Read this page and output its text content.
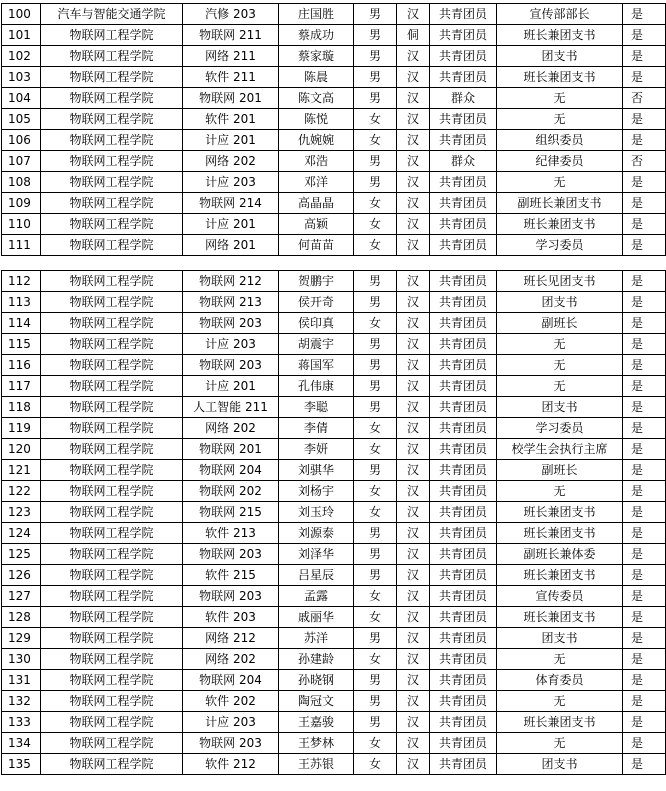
100	汽车与智能交通学院	汽修 203	庄国胜	男	汉	共青团员	宣传部部长	是
101	物联网工程学院	物联网 211	蔡成功	男	侗	共青团员	班长兼团支书	是
102	物联网工程学院	网络 211	蔡家璇	男	汉	共青团员	团支书	是
103	物联网工程学院	软件 211	陈晨	男	汉	共青团员	班长兼团支书	是
104	物联网工程学院	物联网 201	陈文高	男	汉	群众	无	否
105	物联网工程学院	软件 201	陈悦	女	汉	共青团员	无	是
106	物联网工程学院	计应 201	仇婉婉	女	汉	共青团员	组织委员	是
107	物联网工程学院	网络 202	邓浩	男	汉	群众	纪律委员	否
108	物联网工程学院	计应 203	邓洋	男	汉	共青团员	无	是
109	物联网工程学院	物联网 214	高晶晶	女	汉	共青团员	副班长兼团支书	是
110	物联网工程学院	计应 201	高颖	女	汉	共青团员	班长兼团支书	是
111	物联网工程学院	网络 201	何苗苗	女	汉	共青团员	学习委员	是
112	物联网工程学院	物联网 212	贺鹏宇	男	汉	共青团员	班长见团支书	是
113	物联网工程学院	物联网 213	侯开奇	男	汉	共青团员	团支书	是
114	物联网工程学院	物联网 203	侯印真	女	汉	共青团员	副班长	是
115	物联网工程学院	计应 203	胡震宇	男	汉	共青团员	无	是
116	物联网工程学院	物联网 203	蒋国军	男	汉	共青团员	无	是
117	物联网工程学院	计应 201	孔伟康	男	汉	共青团员	无	是
118	物联网工程学院	人工智能 211	李聪	男	汉	共青团员	团支书	是
119	物联网工程学院	网络 202	李倩	女	汉	共青团员	学习委员	是
120	物联网工程学院	物联网 201	李妍	女	汉	共青团员	校学生会执行主席	是
121	物联网工程学院	物联网 204	刘骐华	男	汉	共青团员	副班长	是
122	物联网工程学院	物联网 202	刘杨宇	女	汉	共青团员	无	是
123	物联网工程学院	物联网 215	刘玉玲	女	汉	共青团员	班长兼团支书	是
124	物联网工程学院	软件 213	刘源泰	男	汉	共青团员	班长兼团支书	是
125	物联网工程学院	物联网 203	刘泽华	男	汉	共青团员	副班长兼体委	是
126	物联网工程学院	软件 215	吕星辰	男	汉	共青团员	班长兼团支书	是
127	物联网工程学院	物联网 203	孟露	女	汉	共青团员	宣传委员	是
128	物联网工程学院	软件 203	戚丽华	女	汉	共青团员	班长兼团支书	是
129	物联网工程学院	网络 212	苏洋	男	汉	共青团员	团支书	是
130	物联网工程学院	网络 202	孙建龄	女	汉	共青团员	无	是
131	物联网工程学院	物联网 204	孙晓钢	男	汉	共青团员	体育委员	是
132	物联网工程学院	软件 202	陶冠文	男	汉	共青团员	无	是
133	物联网工程学院	计应 203	王嘉骏	男	汉	共青团员	班长兼团支书	是
134	物联网工程学院	物联网 203	王梦林	女	汉	共青团员	无	是
135	物联网工程学院	软件 212	王苏银	女	汉	共青团员	团支书	是
